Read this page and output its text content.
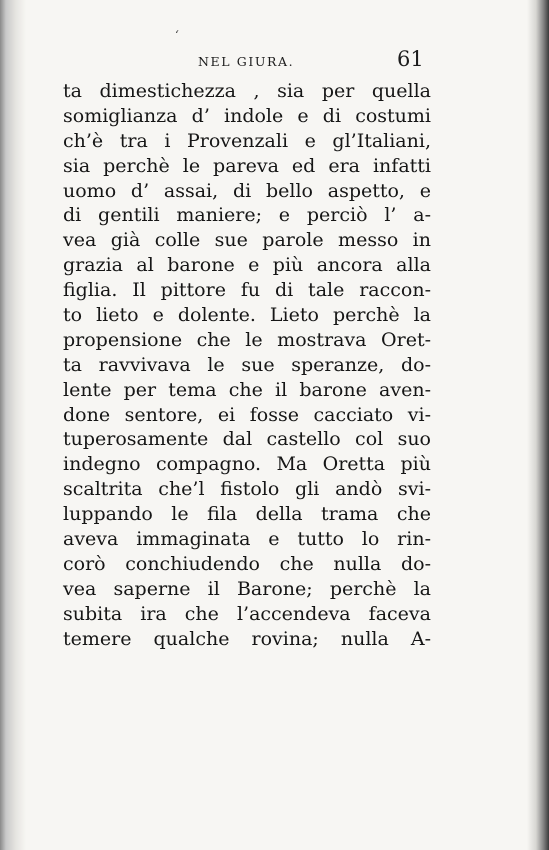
ʻ
NEL GIURA.	61
ta dimestichezza , sia per quella
somiglianza d’ indole e di costumi
ch’è tra i Provenzali e gl’Italiani,
sia perchè le pareva ed era infatti
uomo d’ assai, di bello aspetto, e
di gentili maniere; e perciò l’ a-
vea già colle sue parole messo in
grazia al barone e più ancora alla
figlia. Il pittore fu di tale raccon-
to lieto e dolente. Lieto perchè la
propensione che le mostrava Oret-
ta ravvivava le sue speranze, do-
lente per tema che il barone aven-
done sentore, ei fosse cacciato vi-
tuperosamente dal castello col suo
indegno compagno. Ma Oretta più
scaltrita che’l fistolo gli andò svi-
luppando le fila della trama che
aveva immaginata e tutto lo rin-
corò conchiudendo che nulla do-
vea saperne il Barone; perchè la
subita ira che l’accendeva faceva
temere qualche rovina; nulla A-
